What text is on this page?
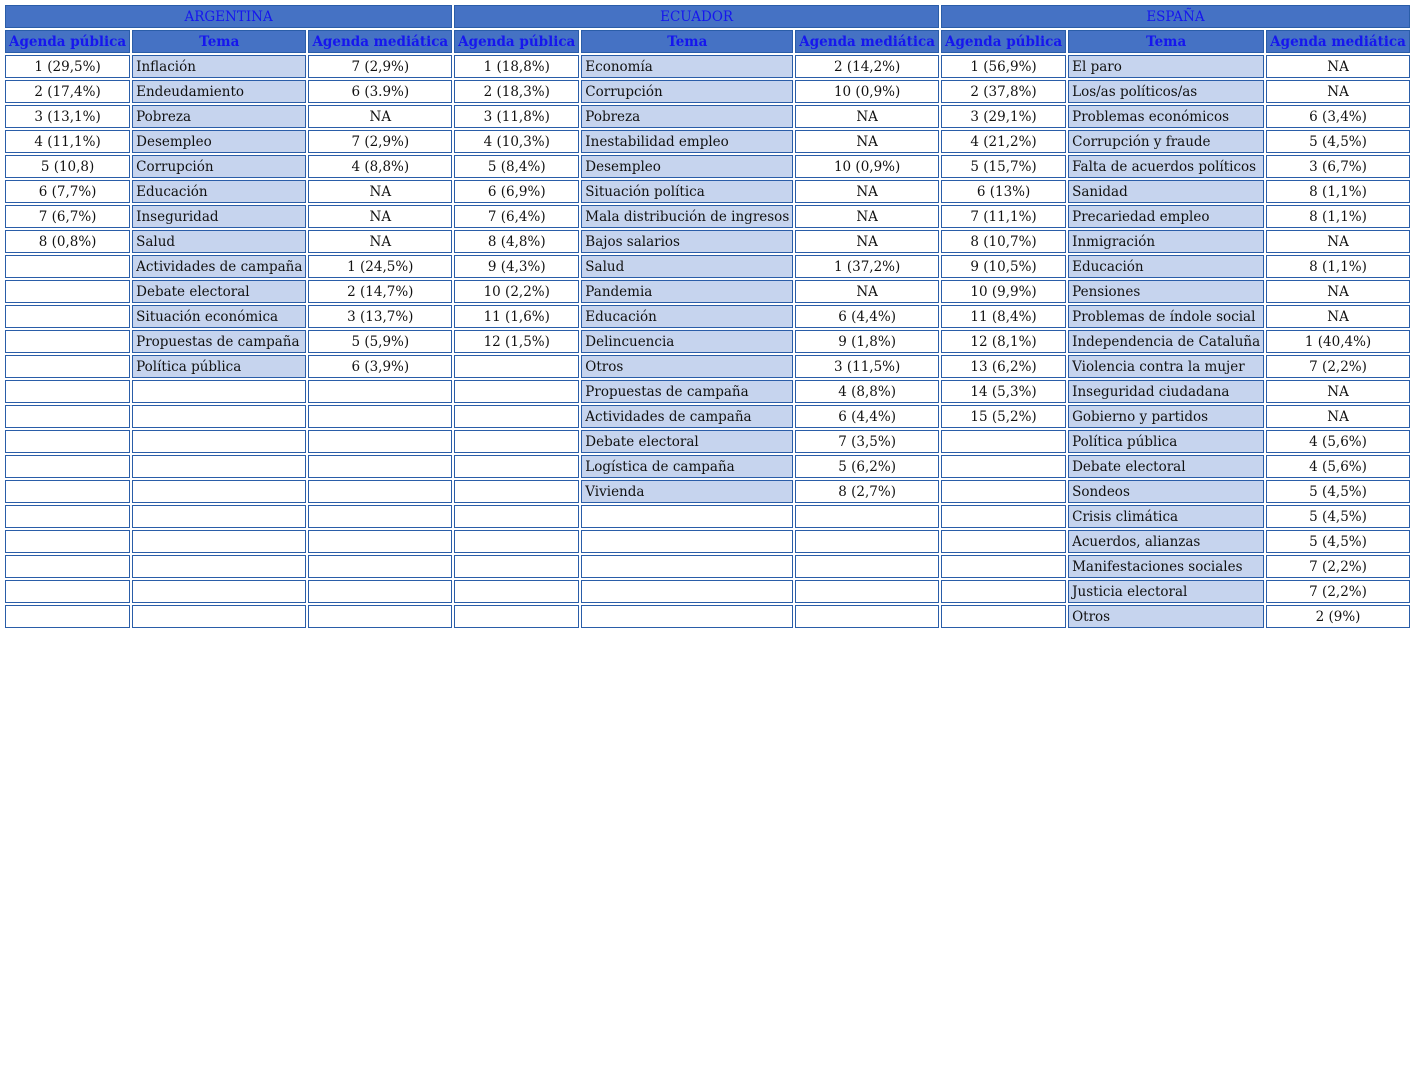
ARGENTINA			ECUADOR			ESPAÑA		
Agenda pública	Tema	Agenda mediática	Agenda pública	Tema	Agenda mediática	Agenda pública	Tema	Agenda mediática
1 (29,5%)	Inflación	7 (2,9%)	1 (18,8%)	Economía	2 (14,2%)	1 (56,9%)	El paro	NA
2 (17,4%)	Endeudamiento	6 (3.9%)	2 (18,3%)	Corrupción	10 (0,9%)	2 (37,8%)	Los/as políticos/as	NA
3 (13,1%)	Pobreza	NA	3 (11,8%)	Pobreza	NA	3 (29,1%)	Problemas económicos	6 (3,4%)
4 (11,1%)	Desempleo	7 (2,9%)	4 (10,3%)	Inestabilidad empleo	NA	4 (21,2%)	Corrupción y fraude	5 (4,5%)
5 (10,8)	Corrupción	4 (8,8%)	5 (8,4%)	Desempleo	10 (0,9%)	5 (15,7%)	Falta de acuerdos políticos	3 (6,7%)
6 (7,7%)	Educación	NA	6 (6,9%)	Situación política	NA	6 (13%)	Sanidad	8 (1,1%)
7 (6,7%)	Inseguridad	NA	7 (6,4%)	Mala distribución de ingresos	NA	7 (11,1%)	Precariedad empleo	8 (1,1%)
8 (0,8%)	Salud	NA	8 (4,8%)	Bajos salarios	NA	8 (10,7%)	Inmigración	NA
	Actividades de campaña	1 (24,5%)	9 (4,3%)	Salud	1 (37,2%)	9 (10,5%)	Educación	8 (1,1%)
	Debate electoral	2 (14,7%)	10 (2,2%)	Pandemia	NA	10 (9,9%)	Pensiones	NA
	Situación económica	3 (13,7%)	11 (1,6%)	Educación	6 (4,4%)	11 (8,4%)	Problemas de índole social	NA
	Propuestas de campaña	5 (5,9%)	12 (1,5%)	Delincuencia	9 (1,8%)	12 (8,1%)	Independencia de Cataluña	1 (40,4%)
	Política pública	6 (3,9%)		Otros	3 (11,5%)	13 (6,2%)	Violencia contra la mujer	7 (2,2%)
				Propuestas de campaña	4 (8,8%)	14 (5,3%)	Inseguridad ciudadana	NA
				Actividades de campaña	6 (4,4%)	15 (5,2%)	Gobierno y partidos	NA
				Debate electoral	7 (3,5%)		Política pública	4 (5,6%)
				Logística de campaña	5 (6,2%)		Debate electoral	4 (5,6%)
				Vivienda	8 (2,7%)		Sondeos	5 (4,5%)
							Crisis climática	5 (4,5%)
							Acuerdos, alianzas	5 (4,5%)
							Manifestaciones sociales	7 (2,2%)
							Justicia electoral	7 (2,2%)
							Otros	2 (9%)
